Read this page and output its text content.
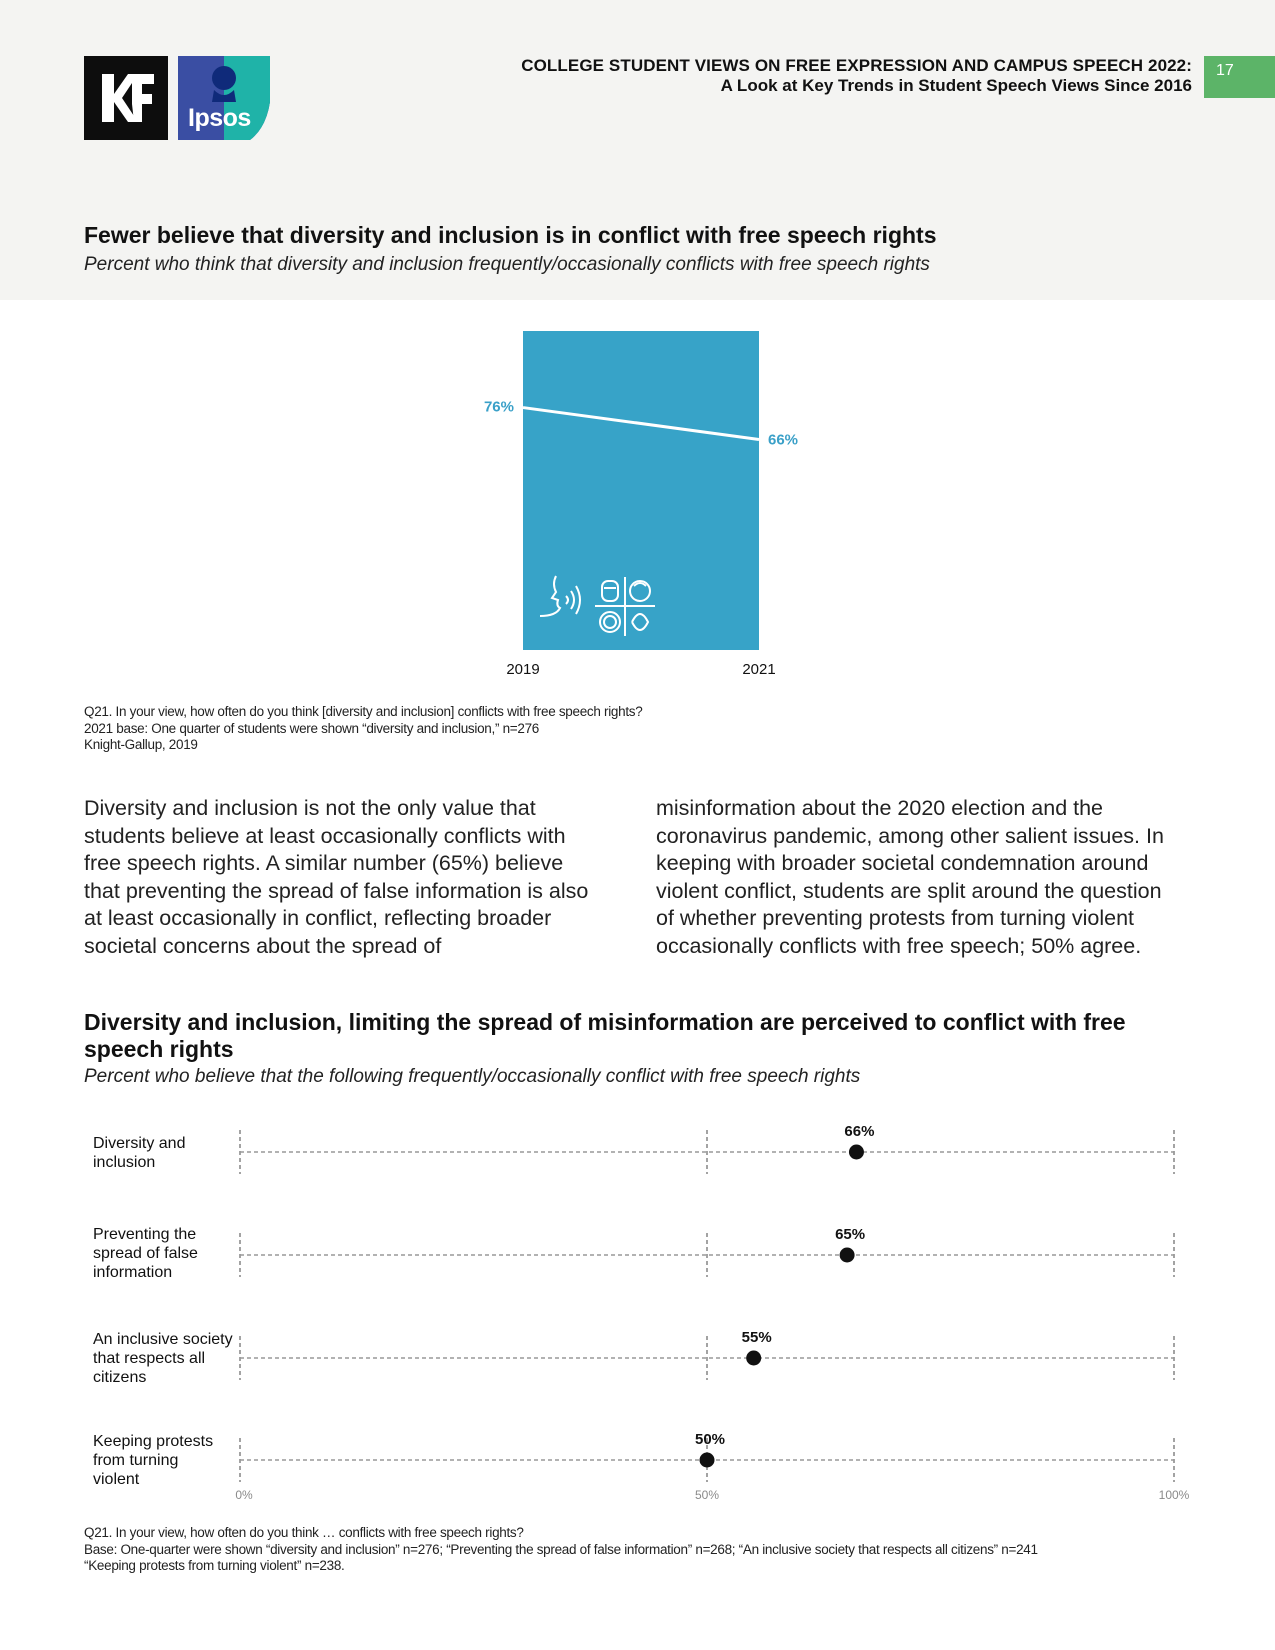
Ipsos
COLLEGE STUDENT VIEWS ON FREE EXPRESSION AND CAMPUS SPEECH 2022:
A Look at Key Trends in Student Speech Views Since 2016
17
Fewer believe that diversity and inclusion is in conflict with free speech rights
Percent who think that diversity and inclusion frequently/occasionally conflicts with free speech rights
76%
66%
2019	2021
Q21. In your view, how often do you think [diversity and inclusion] conflicts with free speech rights?
2021 base: One quarter of students were shown “diversity and inclusion,” n=276
Knight-Gallup, 2019
Diversity and inclusion is not the only value that students believe at least occasionally conflicts with free speech rights. A similar number (65%) believe that preventing the spread of false information is also at least occasionally in conflict, reflecting broader societal concerns about the spread of
misinformation about the 2020 election and the coronavirus pandemic, among other salient issues. In keeping with broader societal condemnation around violent conflict, students are split around the question of whether preventing protests from turning violent occasionally conflicts with free speech; 50% agree.
Diversity and inclusion, limiting the spread of misinformation are perceived to conflict with free speech rights
Percent who believe that the following frequently/occasionally conflict with free speech rights
Diversity and inclusion
Preventing the spread of false information
An inclusive society that respects all citizens
Keeping protests from turning violent
66%
65%
55%
50%
0%	50%	100%
Q21. In your view, how often do you think … conflicts with free speech rights?
Base: One-quarter were shown “diversity and inclusion” n=276; “Preventing the spread of false information” n=268; “An inclusive society that respects all citizens” n=241
“Keeping protests from turning violent” n=238.
